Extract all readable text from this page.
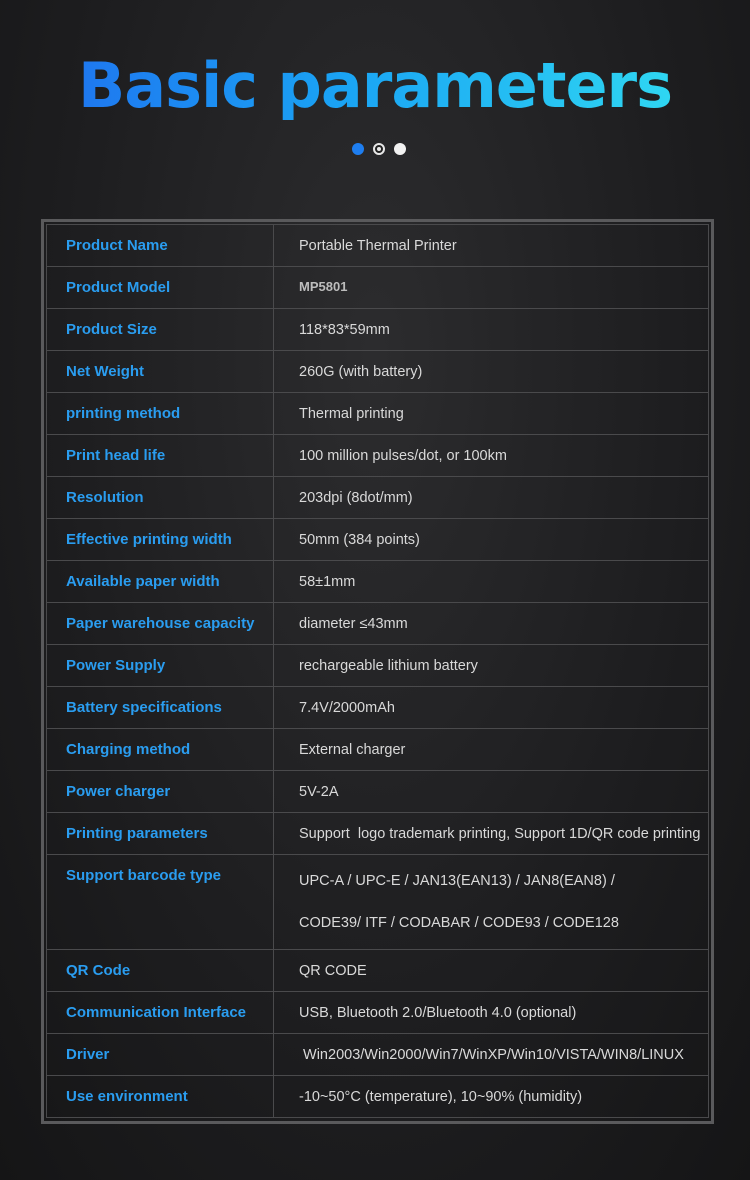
Basic parameters
Product Name	Portable Thermal Printer
Product Model	MP5801
Product Size	118*83*59mm
Net Weight	260G (with battery)
printing method	Thermal printing
Print head life	100 million pulses/dot, or 100km
Resolution	203dpi (8dot/mm)
Effective printing width	50mm (384 points)
Available paper width	58±1mm
Paper warehouse capacity	diameter ≤43mm
Power Supply	rechargeable lithium battery
Battery specifications	7.4V/2000mAh
Charging method	External charger
Power charger	5V-2A
Printing parameters	Support  logo trademark printing, Support 1D/QR code printing
Support barcode type	UPC-A / UPC-E / JAN13(EAN13) / JAN8(EAN8) /
CODE39/ ITF / CODABAR / CODE93 / CODE128

QR Code	QR CODE
Communication Interface	USB, Bluetooth 2.0/Bluetooth 4.0 (optional)
Driver	Win2003/Win2000/Win7/WinXP/Win10/VISTA/WIN8/LINUX
Use environment	-10~50°C (temperature), 10~90% (humidity)
